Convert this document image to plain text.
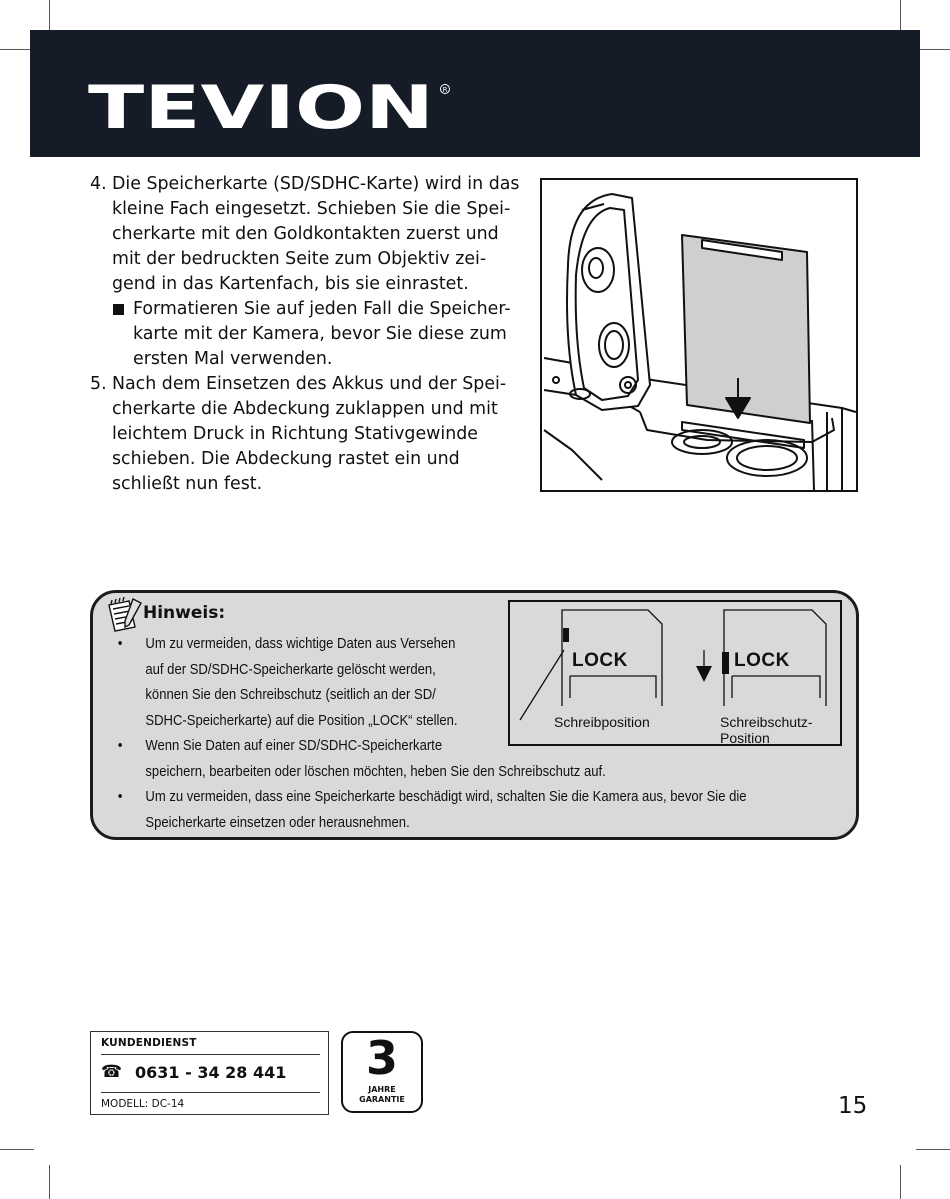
TEVION R
4. Die Speicherkarte (SD/SDHC-Karte) wird in das
kleine Fach eingesetzt. Schieben Sie die Spei-
cherkarte mit den Goldkontakten zuerst und
mit der bedruckten Seite zum Objektiv zei-
gend in das Kartenfach, bis sie einrastet.
Formatieren Sie auf jeden Fall die Speicher-
karte mit der Kamera, bevor Sie diese zum
ersten Mal verwenden.
5. Nach dem Einsetzen des Akkus und der Spei-
cherkarte die Abdeckung zuklappen und mit
leichtem Druck in Richtung Stativgewinde
schieben. Die Abdeckung rastet ein und
schließt nun fest.
Hinweis:
• Um zu vermeiden, dass wichtige Daten aus Versehen
auf der SD/SDHC-Speicherkarte gelöscht werden,
können Sie den Schreibschutz (seitlich an der SD/
SDHC-Speicherkarte) auf die Position „LOCK“ stellen.
• Wenn Sie Daten auf einer SD/SDHC-Speicherkarte
speichern, bearbeiten oder löschen möchten, heben Sie den Schreibschutz auf.
• Um zu vermeiden, dass eine Speicherkarte beschädigt wird, schalten Sie die Kamera aus, bevor Sie die
Speicherkarte einsetzen oder herausnehmen.
LOCK	LOCK
Schreibposition	Schreibschutz-
Position
KUNDENDIENST
☎ 0631 - 34 28 441
MODELL: DC-14
3
JAHRE
GARANTIE	15
